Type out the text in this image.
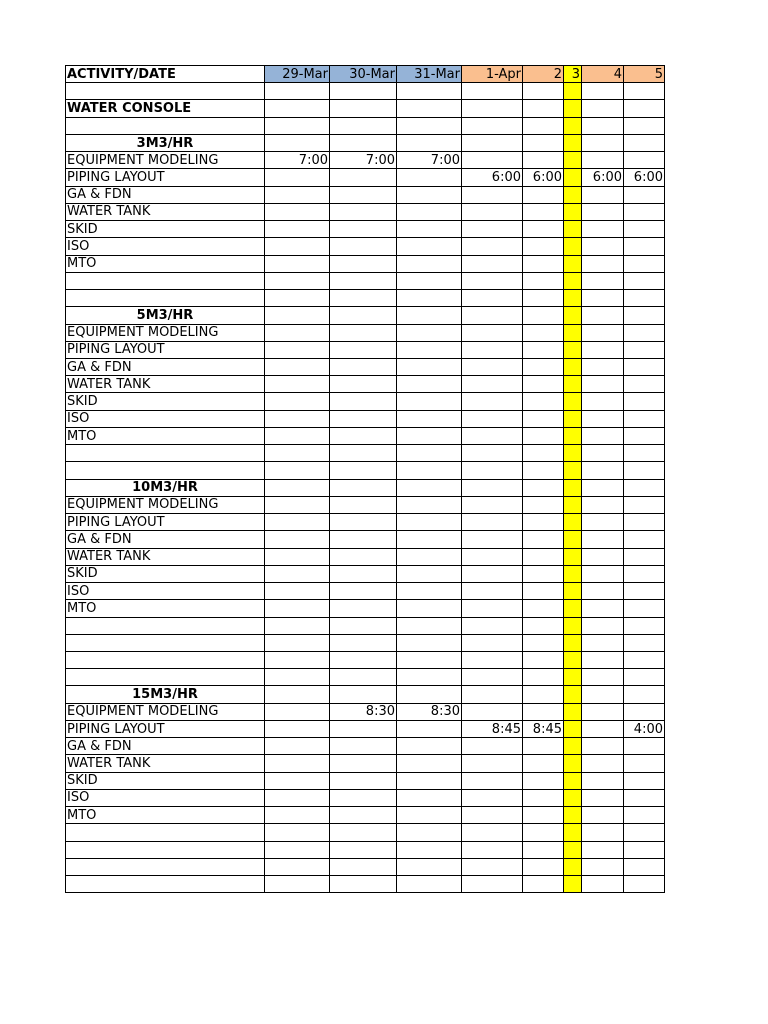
ACTIVITY/DATE	29-Mar	30-Mar	31-Mar	1-Apr	2	3	4	5

WATER CONSOLE								

3M3/HR								
EQUIPMENT MODELING	7:00	7:00	7:00					
PIPING LAYOUT				6:00	6:00		6:00	6:00
GA & FDN								
WATER TANK								
SKID								
ISO								
MTO								

5M3/HR								
EQUIPMENT MODELING								
PIPING LAYOUT								
GA & FDN								
WATER TANK								
SKID								
ISO								
MTO								

10M3/HR								
EQUIPMENT MODELING								
PIPING LAYOUT								
GA & FDN								
WATER TANK								
SKID								
ISO								
MTO								

15M3/HR								
EQUIPMENT MODELING		8:30	8:30					
PIPING LAYOUT				8:45	8:45			4:00
GA & FDN								
WATER TANK								
SKID								
ISO								
MTO								
